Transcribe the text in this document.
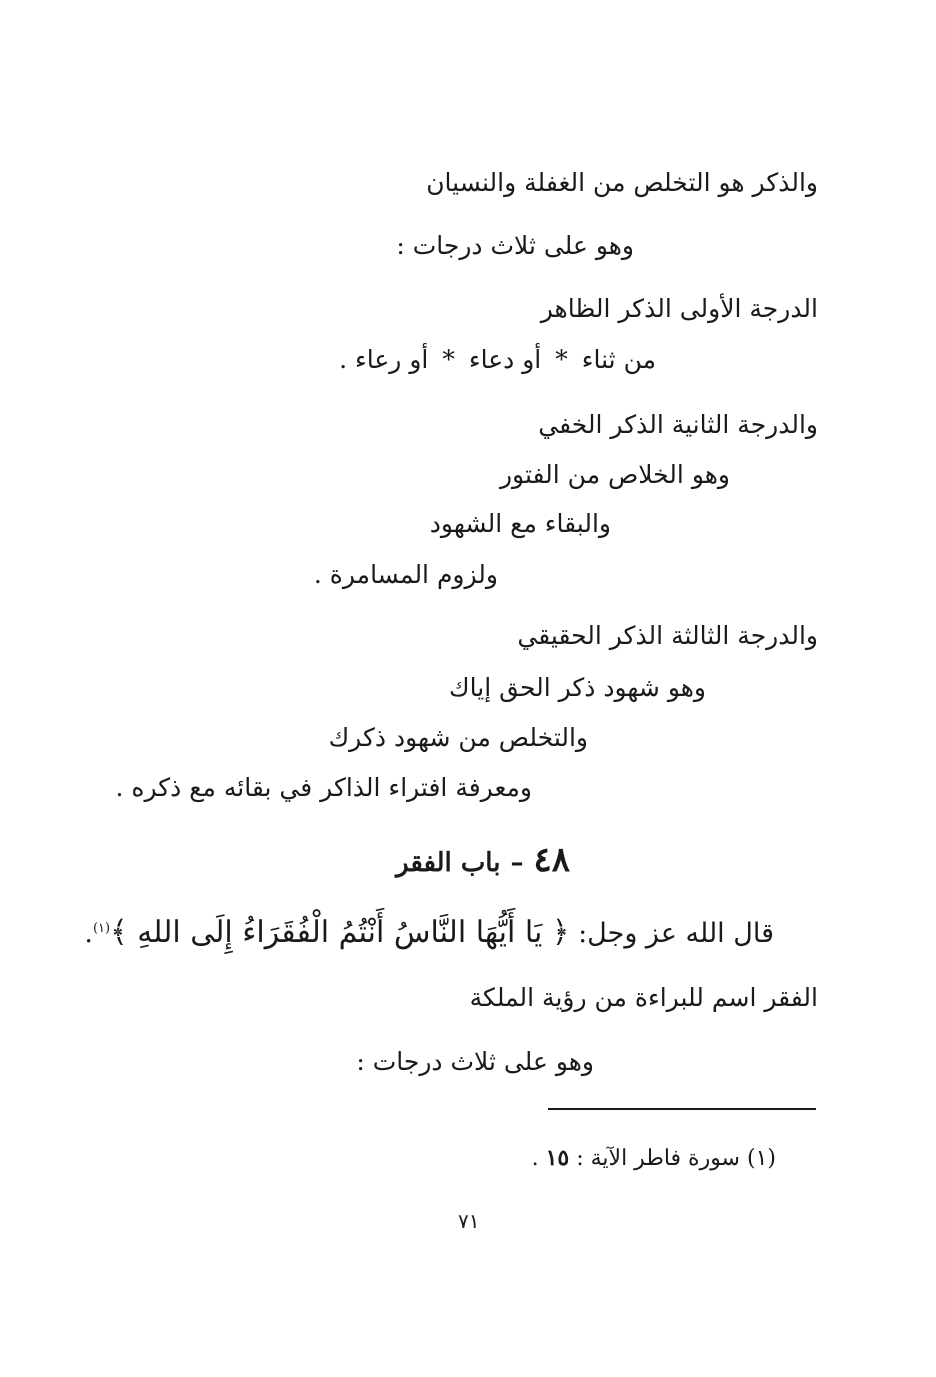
والذكر هو التخلص من الغفلة والنسيان
وهو على ثلاث درجات :
الدرجة الأولى الذكر الظاهر
من ثناء*أو دعاء*أو رعاء .
والدرجة الثانية الذكر الخفي
وهو الخلاص من الفتور
والبقاء مع الشهود
ولزوم المسامرة .
والدرجة الثالثة الذكر الحقيقي
وهو شهود ذكر الحق إياك
والتخلص من شهود ذكرك
ومعرفة افتراء الذاكر في بقائه مع ذكره .
٤٨–باب الفقر
قال الله عز وجل: ﴿ يَا أَيُّهَا النَّاسُ أَنْتُمُ الْفُقَرَاءُ إِلَى اللهِ ﴾$^{(١)}$.
الفقر اسم للبراءة من رؤية الملكة
وهو على ثلاث درجات :
(١) سورة فاطر الآية : ١٥ .
٧١
